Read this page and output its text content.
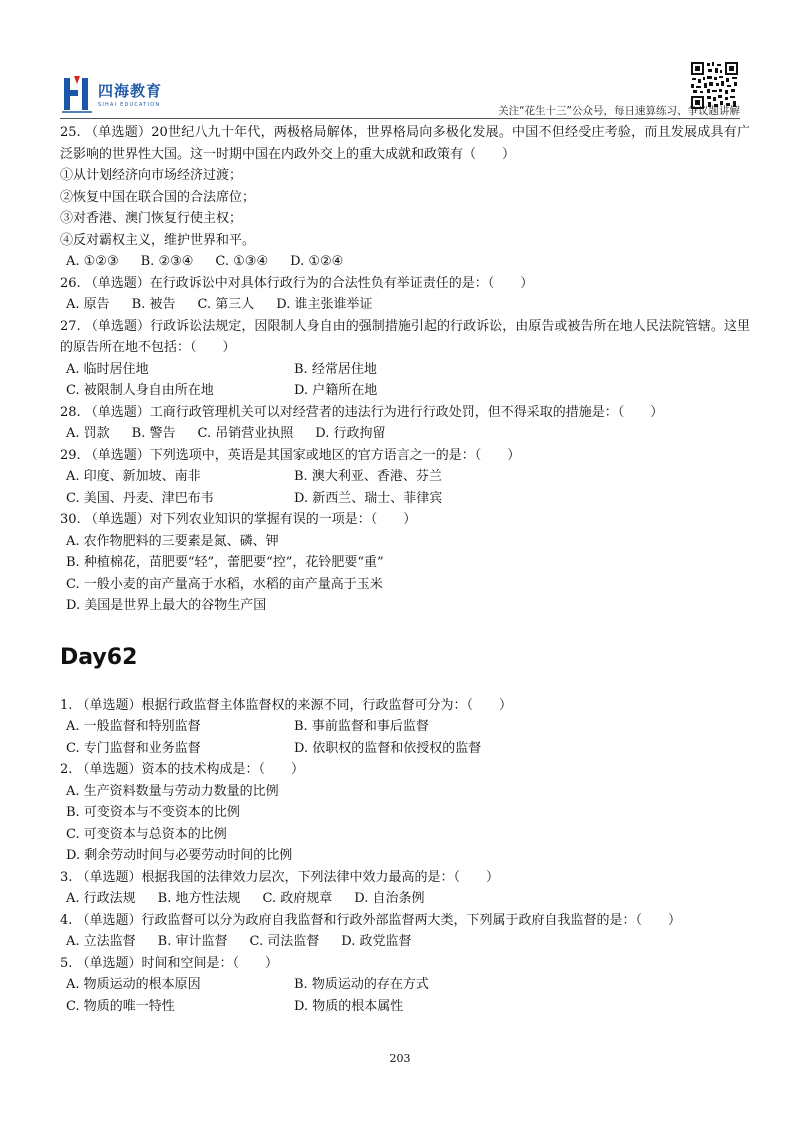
四海教育
SIHAI EDUCATION	关注“花生十三”公众号，每日速算练习、争议题讲解
25. （单选题）20世纪八九十年代，两极格局解体，世界格局向多极化发展。中国不但经受庄考验，而且发展成具有广泛影响的世界性大国。这一时期中国在内政外交上的重大成就和政策有（　　）
①从计划经济向市场经济过渡；
②恢复中国在联合国的合法席位；
③对香港、澳门恢复行使主权；
④反对霸权主义，维护世界和平。
A. ①②③ B. ②③④ C. ①③④ D. ①②④
26. （单选题）在行政诉讼中对具体行政行为的合法性负有举证责任的是：（　　）
A. 原告 B. 被告 C. 第三人 D. 谁主张谁举证
27. （单选题）行政诉讼法规定，因限制人身自由的强制措施引起的行政诉讼，由原告或被告所在地人民法院管辖。这里的原告所在地不包括：（　　）
A. 临时居住地	B. 经常居住地
C. 被限制人身自由所在地	D. 户籍所在地
28. （单选题）工商行政管理机关可以对经营者的违法行为进行行政处罚，但不得采取的措施是：（　　）
A. 罚款 B. 警告 C. 吊销营业执照 D. 行政拘留
29. （单选题）下列选项中，英语是其国家或地区的官方语言之一的是：（　　）
A. 印度、新加坡、南非	B. 澳大利亚、香港、芬兰
C. 美国、丹麦、津巴布韦	D. 新西兰、瑞士、菲律宾
30. （单选题）对下列农业知识的掌握有误的一项是：（　　）
A. 农作物肥料的三要素是氮、磷、钾
B. 种植棉花，苗肥要“轻”，蕾肥要“控”，花铃肥要“重”
C. 一般小麦的亩产量高于水稻，水稻的亩产量高于玉米
D. 美国是世界上最大的谷物生产国
Day62
1. （单选题）根据行政监督主体监督权的来源不同，行政监督可分为：（　　）
A. 一般监督和特别监督	B. 事前监督和事后监督
C. 专门监督和业务监督	D. 依职权的监督和依授权的监督
2. （单选题）资本的技术构成是：（　　）
A. 生产资料数量与劳动力数量的比例
B. 可变资本与不变资本的比例
C. 可变资本与总资本的比例
D. 剩余劳动时间与必要劳动时间的比例
3. （单选题）根据我国的法律效力层次，下列法律中效力最高的是：（　　）
A. 行政法规 B. 地方性法规 C. 政府规章 D. 自治条例
4. （单选题）行政监督可以分为政府自我监督和行政外部监督两大类，下列属于政府自我监督的是：（　　）
A. 立法监督 B. 审计监督 C. 司法监督 D. 政党监督
5. （单选题）时间和空间是：（　　）
A. 物质运动的根本原因	B. 物质运动的存在方式
C. 物质的唯一特性	D. 物质的根本属性
203
